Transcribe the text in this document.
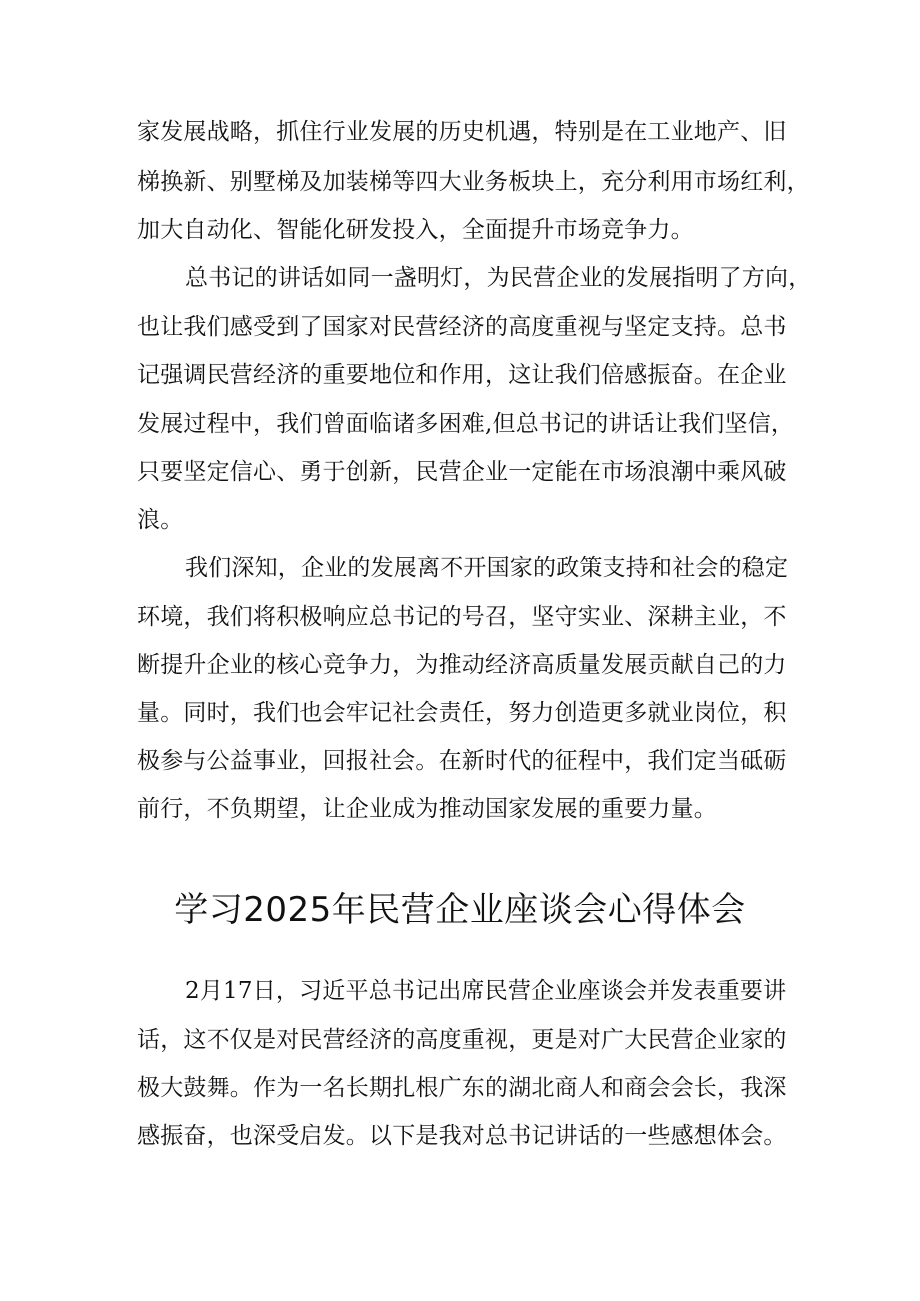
家发展战略，抓住行业发展的历史机遇，特别是在工业地产、旧
梯换新、别墅梯及加装梯等四大业务板块上，充分利用市场红利，
加大自动化、智能化研发投入，全面提升市场竞争力。
总书记的讲话如同一盏明灯，为民营企业的发展指明了方向，
也让我们感受到了国家对民营经济的高度重视与坚定支持。总书
记强调民营经济的重要地位和作用，这让我们倍感振奋。在企业
发展过程中，我们曾面临诸多困难,但总书记的讲话让我们坚信，
只要坚定信心、勇于创新，民营企业一定能在市场浪潮中乘风破
浪。
我们深知，企业的发展离不开国家的政策支持和社会的稳定
环境，我们将积极响应总书记的号召，坚守实业、深耕主业，不
断提升企业的核心竞争力，为推动经济高质量发展贡献自己的力
量。同时，我们也会牢记社会责任，努力创造更多就业岗位，积
极参与公益事业，回报社会。在新时代的征程中，我们定当砥砺
前行，不负期望，让企业成为推动国家发展的重要力量。
学习2025年民营企业座谈会心得体会
2月17日，习近平总书记出席民营企业座谈会并发表重要讲
话，这不仅是对民营经济的高度重视，更是对广大民营企业家的
极大鼓舞。作为一名长期扎根广东的湖北商人和商会会长，我深
感振奋，也深受启发。以下是我对总书记讲话的一些感想体会。
